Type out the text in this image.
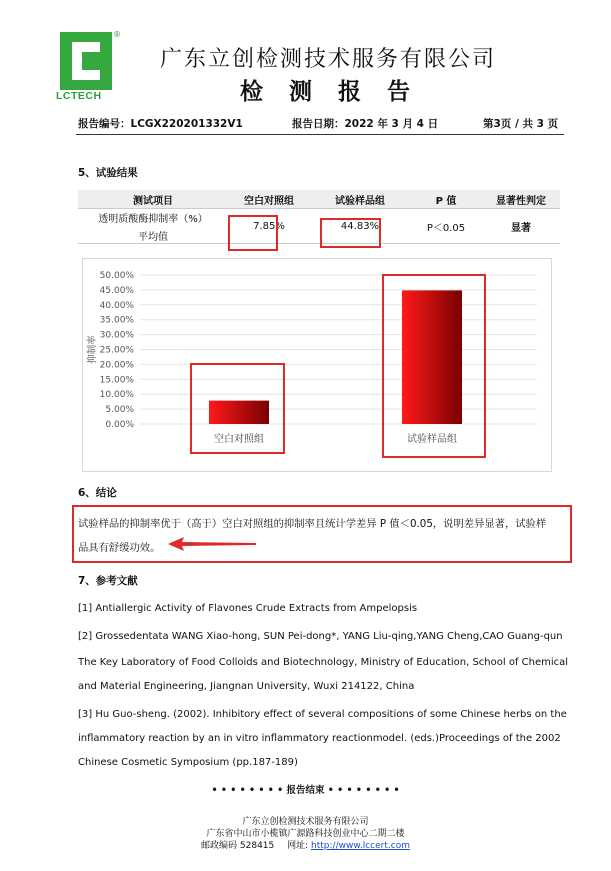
®
LCTECH
广东立创检测技术服务有限公司
检 测 报 告
报告编号：LCGX220201332V1	报告日期：2022 年 3 月 4 日	第3页 / 共 3 页
5、试验结果
测试项目	空白对照组	试验样品组	P 值	显著性判定

透明质酸酶抑制率（%）
平均值	7.85%	44.83%	P＜0.05	显著
0.00%
5.00%
10.00%
15.00%
20.00%
25.00%
30.00%
35.00%
40.00%
45.00%
50.00%
抑制率
空白对照组	试验样品组
6、结论
试验样品的抑制率优于（高于）空白对照组的抑制率且统计学差异 P 值＜0.05，说明差异显著，试验样
品具有舒缓功效。
7、参考文献
[1] Antiallergic Activity of Flavones Crude Extracts from Ampelopsis
[2] Grossedentata WANG Xiao-hong, SUN Pei-dong*, YANG Liu-qing,YANG Cheng,CAO Guang-qun
The Key Laboratory of Food Colloids and Biotechnology, Ministry of Education, School of Chemical
and Material Engineering, Jiangnan University, Wuxi 214122, China
[3] Hu Guo-sheng. (2002). Inhibitory effect of several compositions of some Chinese herbs on the
inflammatory reaction by an in vitro inflammatory reactionmodel. (eds.)Proceedings of the 2002
Chinese Cosmetic Symposium (pp.187-189)
• • • • • • • • 报告结束 • • • • • • • •
广东立创检测技术服务有限公司
广东省中山市小榄镇广源路科技创业中心二期二楼
邮政编码 528415 网址: http://www.lccert.com
